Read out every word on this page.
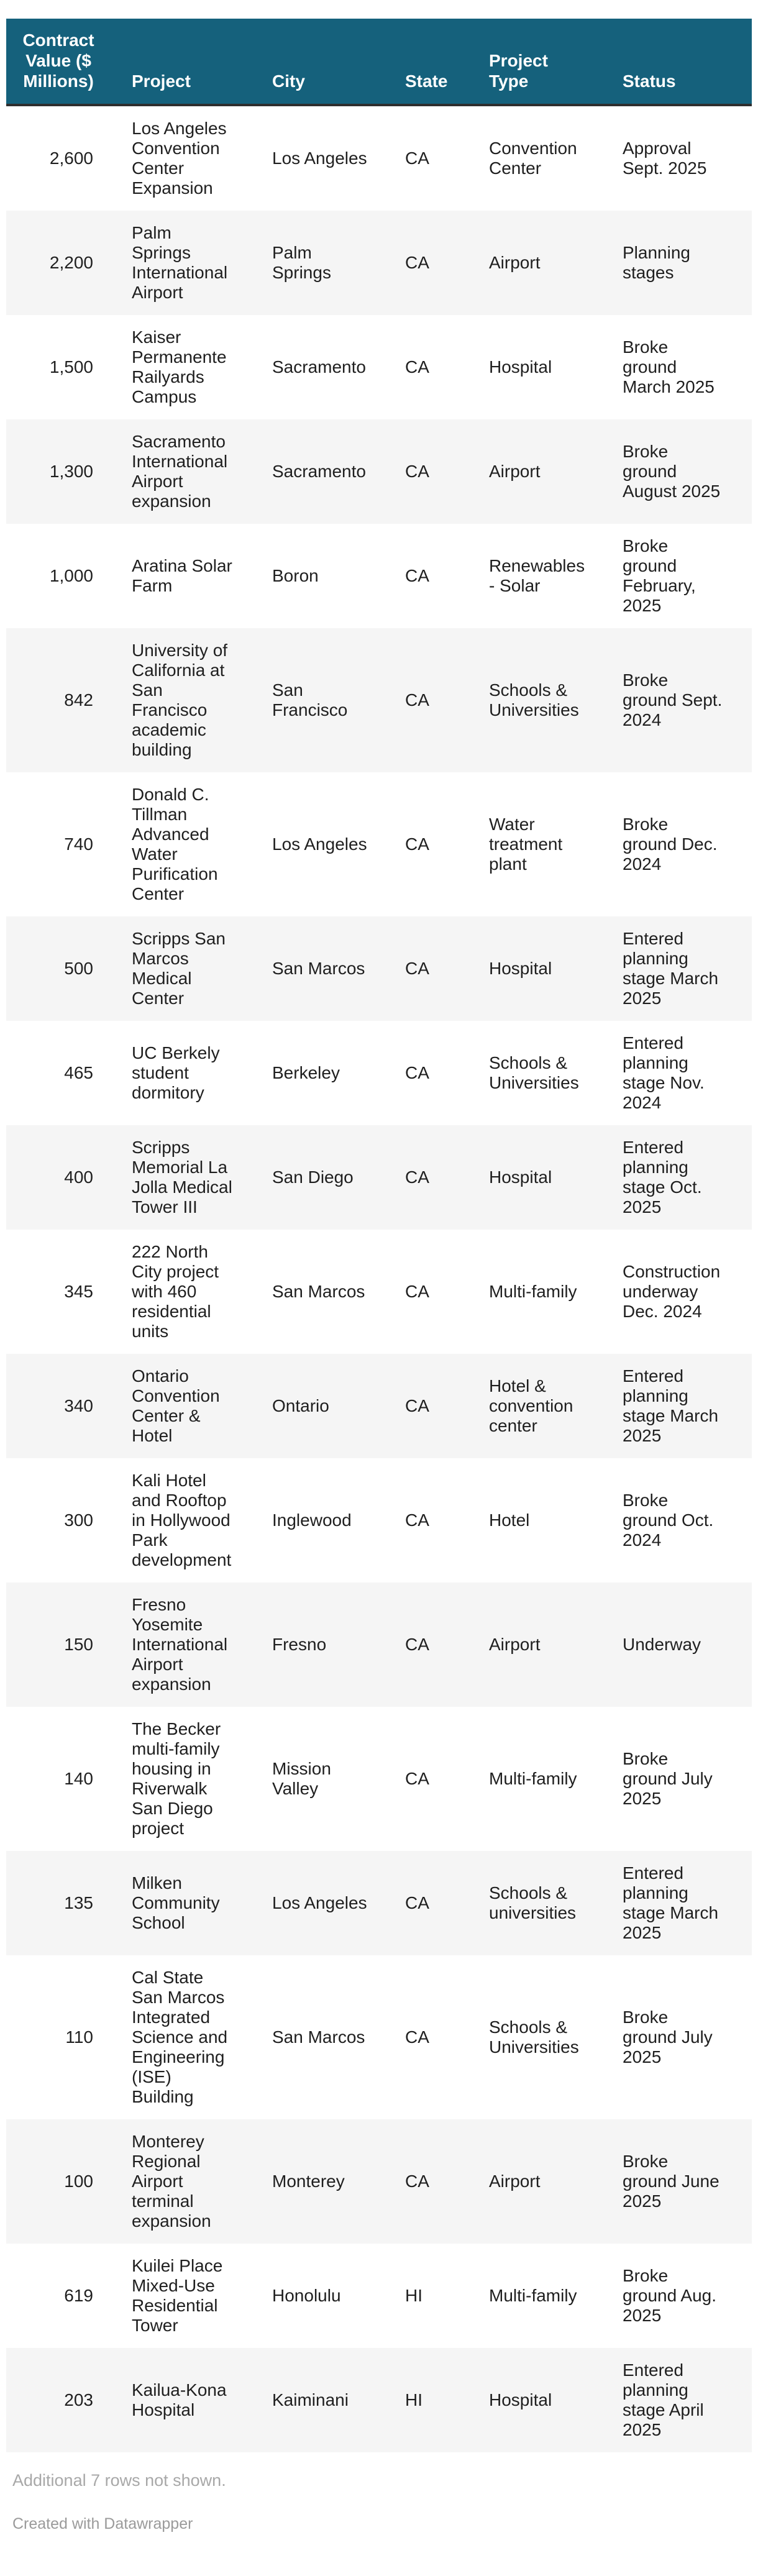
Contract Value ($ Millions)	Project	City	State	Project Type	Status
2,600	Los Angeles Convention Center Expansion	Los Angeles	CA	Convention Center	Approval Sept. 2025
2,200	Palm Springs International Airport	Palm Springs	CA	Airport	Planning stages
1,500	Kaiser Permanente Railyards Campus	Sacramento	CA	Hospital	Broke ground March 2025
1,300	Sacramento International Airport expansion	Sacramento	CA	Airport	Broke ground August 2025
1,000	Aratina Solar Farm	Boron	CA	Renewables - Solar	Broke ground February, 2025
842	University of California at San Francisco academic building	San Francisco	CA	Schools & Universities	Broke ground Sept. 2024
740	Donald C. Tillman Advanced Water Purification Center	Los Angeles	CA	Water treatment plant	Broke ground Dec. 2024
500	Scripps San Marcos Medical Center	San Marcos	CA	Hospital	Entered planning stage March 2025
465	UC Berkely student dormitory	Berkeley	CA	Schools & Universities	Entered planning stage Nov. 2024
400	Scripps Memorial La Jolla Medical Tower III	San Diego	CA	Hospital	Entered planning stage Oct. 2025
345	222 North City project with 460 residential units	San Marcos	CA	Multi-family	Construction underway Dec. 2024
340	Ontario Convention Center & Hotel	Ontario	CA	Hotel & convention center	Entered planning stage March 2025
300	Kali Hotel and Rooftop in Hollywood Park development	Inglewood	CA	Hotel	Broke ground Oct. 2024
150	Fresno Yosemite International Airport expansion	Fresno	CA	Airport	Underway
140	The Becker multi-family housing in Riverwalk San Diego project	Mission Valley	CA	Multi-family	Broke ground July 2025
135	Milken Community School	Los Angeles	CA	Schools & universities	Entered planning stage March 2025
110	Cal State San Marcos Integrated Science and Engineering (ISE) Building	San Marcos	CA	Schools & Universities	Broke ground July 2025
100	Monterey Regional Airport terminal expansion	Monterey	CA	Airport	Broke ground June 2025
619	Kuilei Place Mixed-Use Residential Tower	Honolulu	HI	Multi-family	Broke ground Aug. 2025
203	Kailua-Kona Hospital	Kaiminani	HI	Hospital	Entered planning stage April 2025
Additional 7 rows not shown.
Created with Datawrapper
